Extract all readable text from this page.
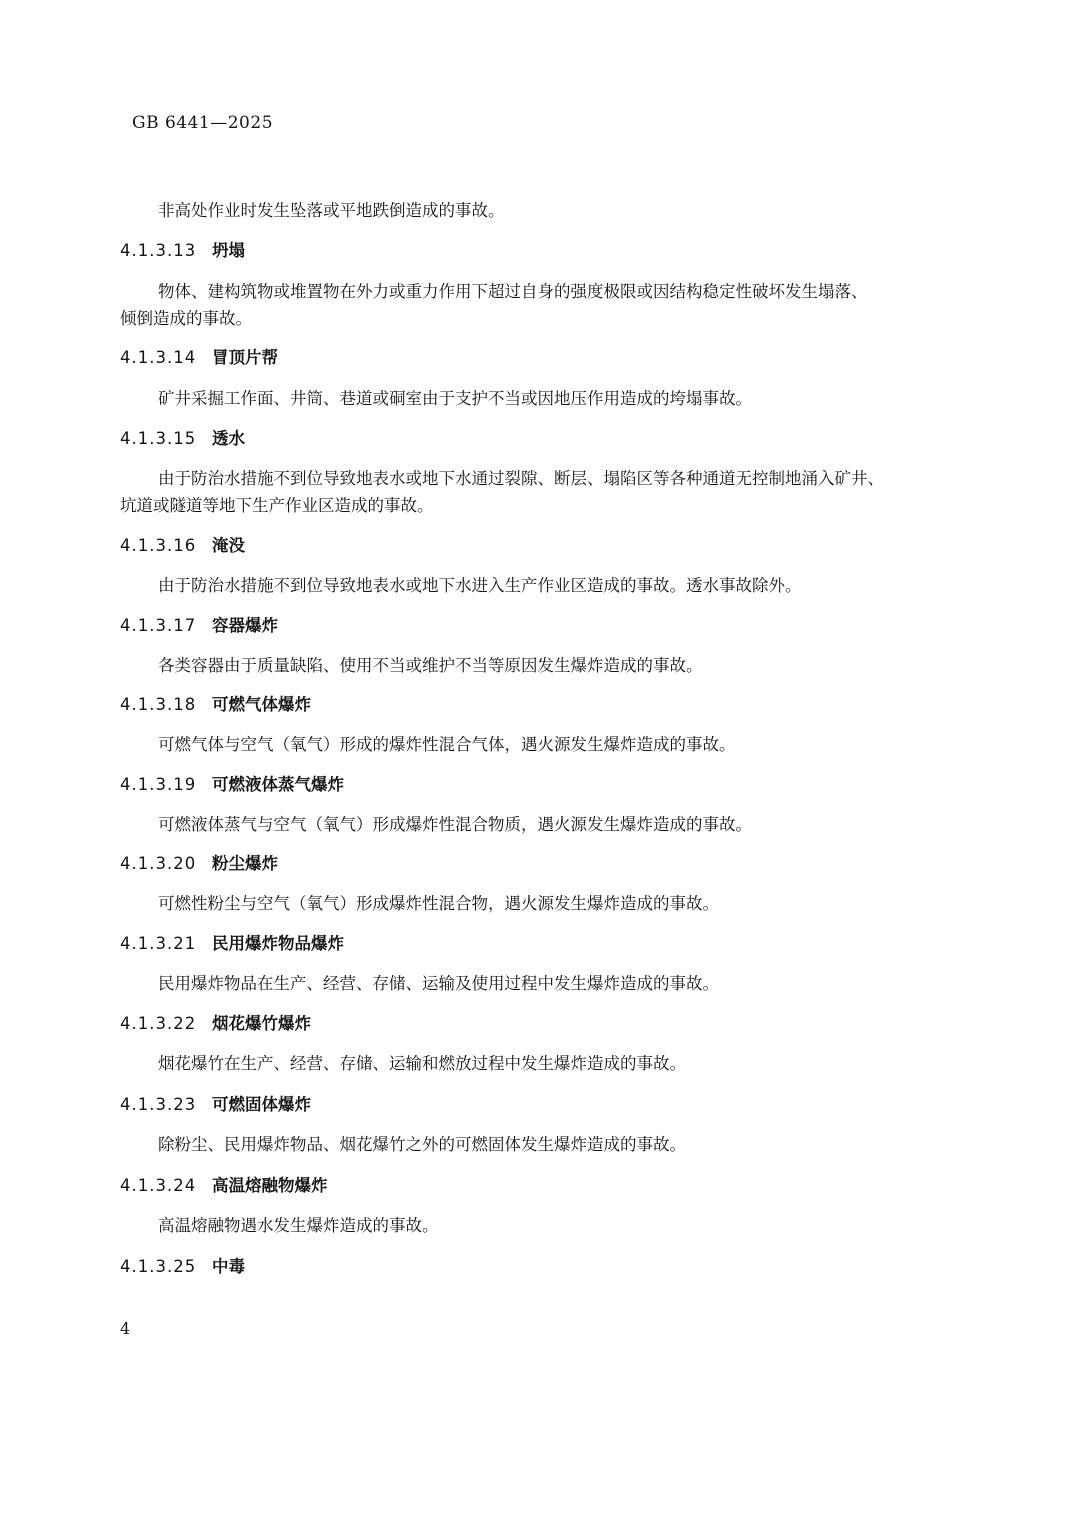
GB 6441—2025
非高处作业时发生坠落或平地跌倒造成的事故。
4.1.3.13 坍塌
物体、建构筑物或堆置物在外力或重力作用下超过自身的强度极限或因结构稳定性破坏发生塌落、
倾倒造成的事故。
4.1.3.14 冒顶片帮
矿井采掘工作面、井筒、巷道或硐室由于支护不当或因地压作用造成的垮塌事故。
4.1.3.15 透水
由于防治水措施不到位导致地表水或地下水通过裂隙、断层、塌陷区等各种通道无控制地涌入矿井、
坑道或隧道等地下生产作业区造成的事故。
4.1.3.16 淹没
由于防治水措施不到位导致地表水或地下水进入生产作业区造成的事故。透水事故除外。
4.1.3.17 容器爆炸
各类容器由于质量缺陷、使用不当或维护不当等原因发生爆炸造成的事故。
4.1.3.18 可燃气体爆炸
可燃气体与空气（氧气）形成的爆炸性混合气体，遇火源发生爆炸造成的事故。
4.1.3.19 可燃液体蒸气爆炸
可燃液体蒸气与空气（氧气）形成爆炸性混合物质，遇火源发生爆炸造成的事故。
4.1.3.20 粉尘爆炸
可燃性粉尘与空气（氧气）形成爆炸性混合物，遇火源发生爆炸造成的事故。
4.1.3.21 民用爆炸物品爆炸
民用爆炸物品在生产、经营、存储、运输及使用过程中发生爆炸造成的事故。
4.1.3.22 烟花爆竹爆炸
烟花爆竹在生产、经营、存储、运输和燃放过程中发生爆炸造成的事故。
4.1.3.23 可燃固体爆炸
除粉尘、民用爆炸物品、烟花爆竹之外的可燃固体发生爆炸造成的事故。
4.1.3.24 高温熔融物爆炸
高温熔融物遇水发生爆炸造成的事故。
4.1.3.25 中毒
4
